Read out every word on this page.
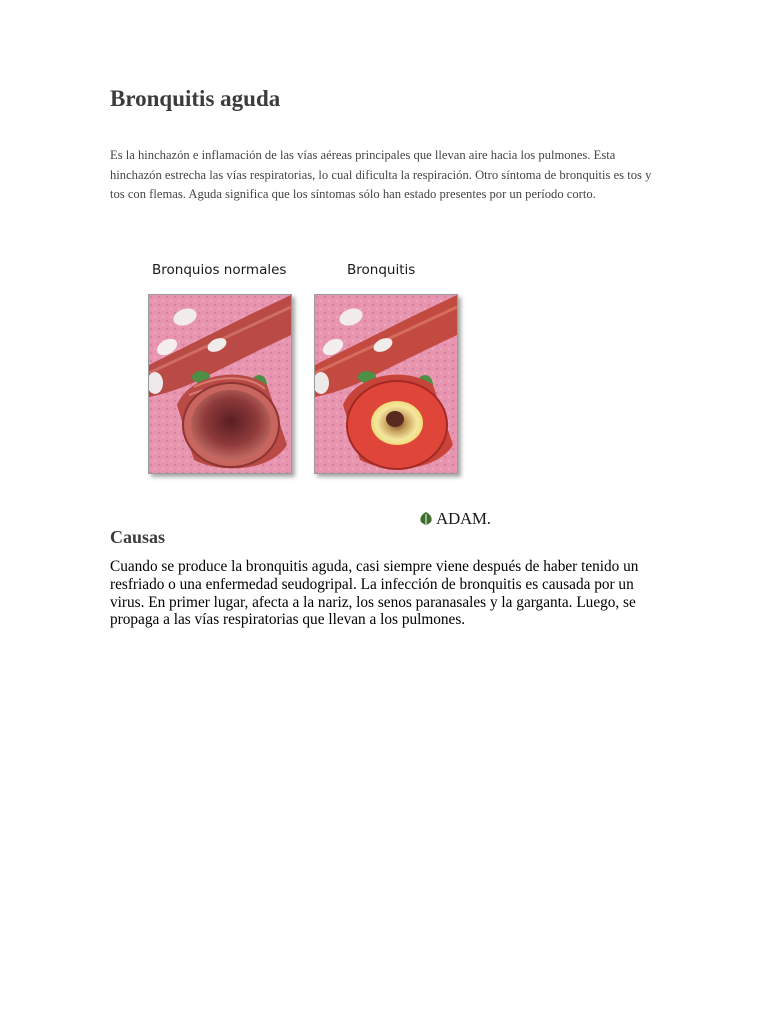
Bronquitis aguda

Es la hinchazón e inflamación de las vías aéreas principales que llevan aire hacia los pulmones. Esta hinchazón estrecha las vías respiratorias, lo cual dificulta la respiración. Otro síntoma de bronquitis es tos y tos con flemas. Aguda significa que los síntomas sólo han estado presentes por un período corto.

Bronquios normales	Bronquitis
ADAM.
Causas

Cuando se produce la bronquitis aguda, casi siempre viene después de haber tenido un resfriado o una enfermedad seudogripal. La infección de bronquitis es causada por un virus. En primer lugar, afecta a la nariz, los senos paranasales y la garganta. Luego, se propaga a las vías respiratorias que llevan a los pulmones.
